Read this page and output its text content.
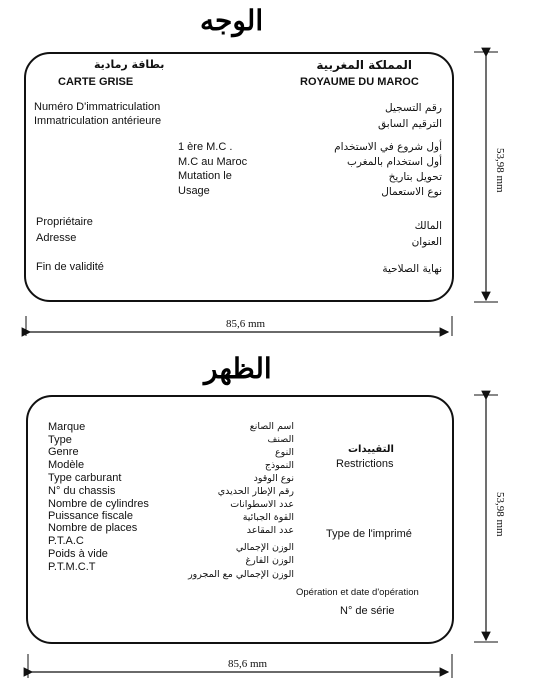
الوجه
بطاقة رمادية
CARTE GRISE
المملكة المغربية
ROYAUME DU MAROC
Numéro D'immatriculation
Immatriculation antérieure
رقم التسجيل
الترقيم السابق
1 ère M.C .
M.C au Maroc
Mutation le
Usage
أول شروع في الاستخدام
أول استخدام بالمغرب
تحويل بتاريخ
نوع الاستعمال
Propriétaire
Adresse
المالك
العنوان
Fin de validité	نهاية الصلاحية
85,6 mm
53,98 mm
الظهر
Marque
Type
Genre
Modèle
Type carburant
N° du chassis
Nombre de cylindres
Puissance fiscale
Nombre de places
P.T.A.C
Poids à vide
P.T.M.C.T
اسم الصانع
الصنف
النوع
النموذج
نوع الوقود
رقم الإطار الحديدي
عدد الاسطوانات
القوة الجبائية
عدد المقاعد
الوزن الإجمالي
الوزن الفارغ
الوزن الإجمالي مع المجرور
التقييدات
Restrictions
Type de l'imprimé
Opération et date d'opération
N° de série
85,6 mm
53,98 mm
